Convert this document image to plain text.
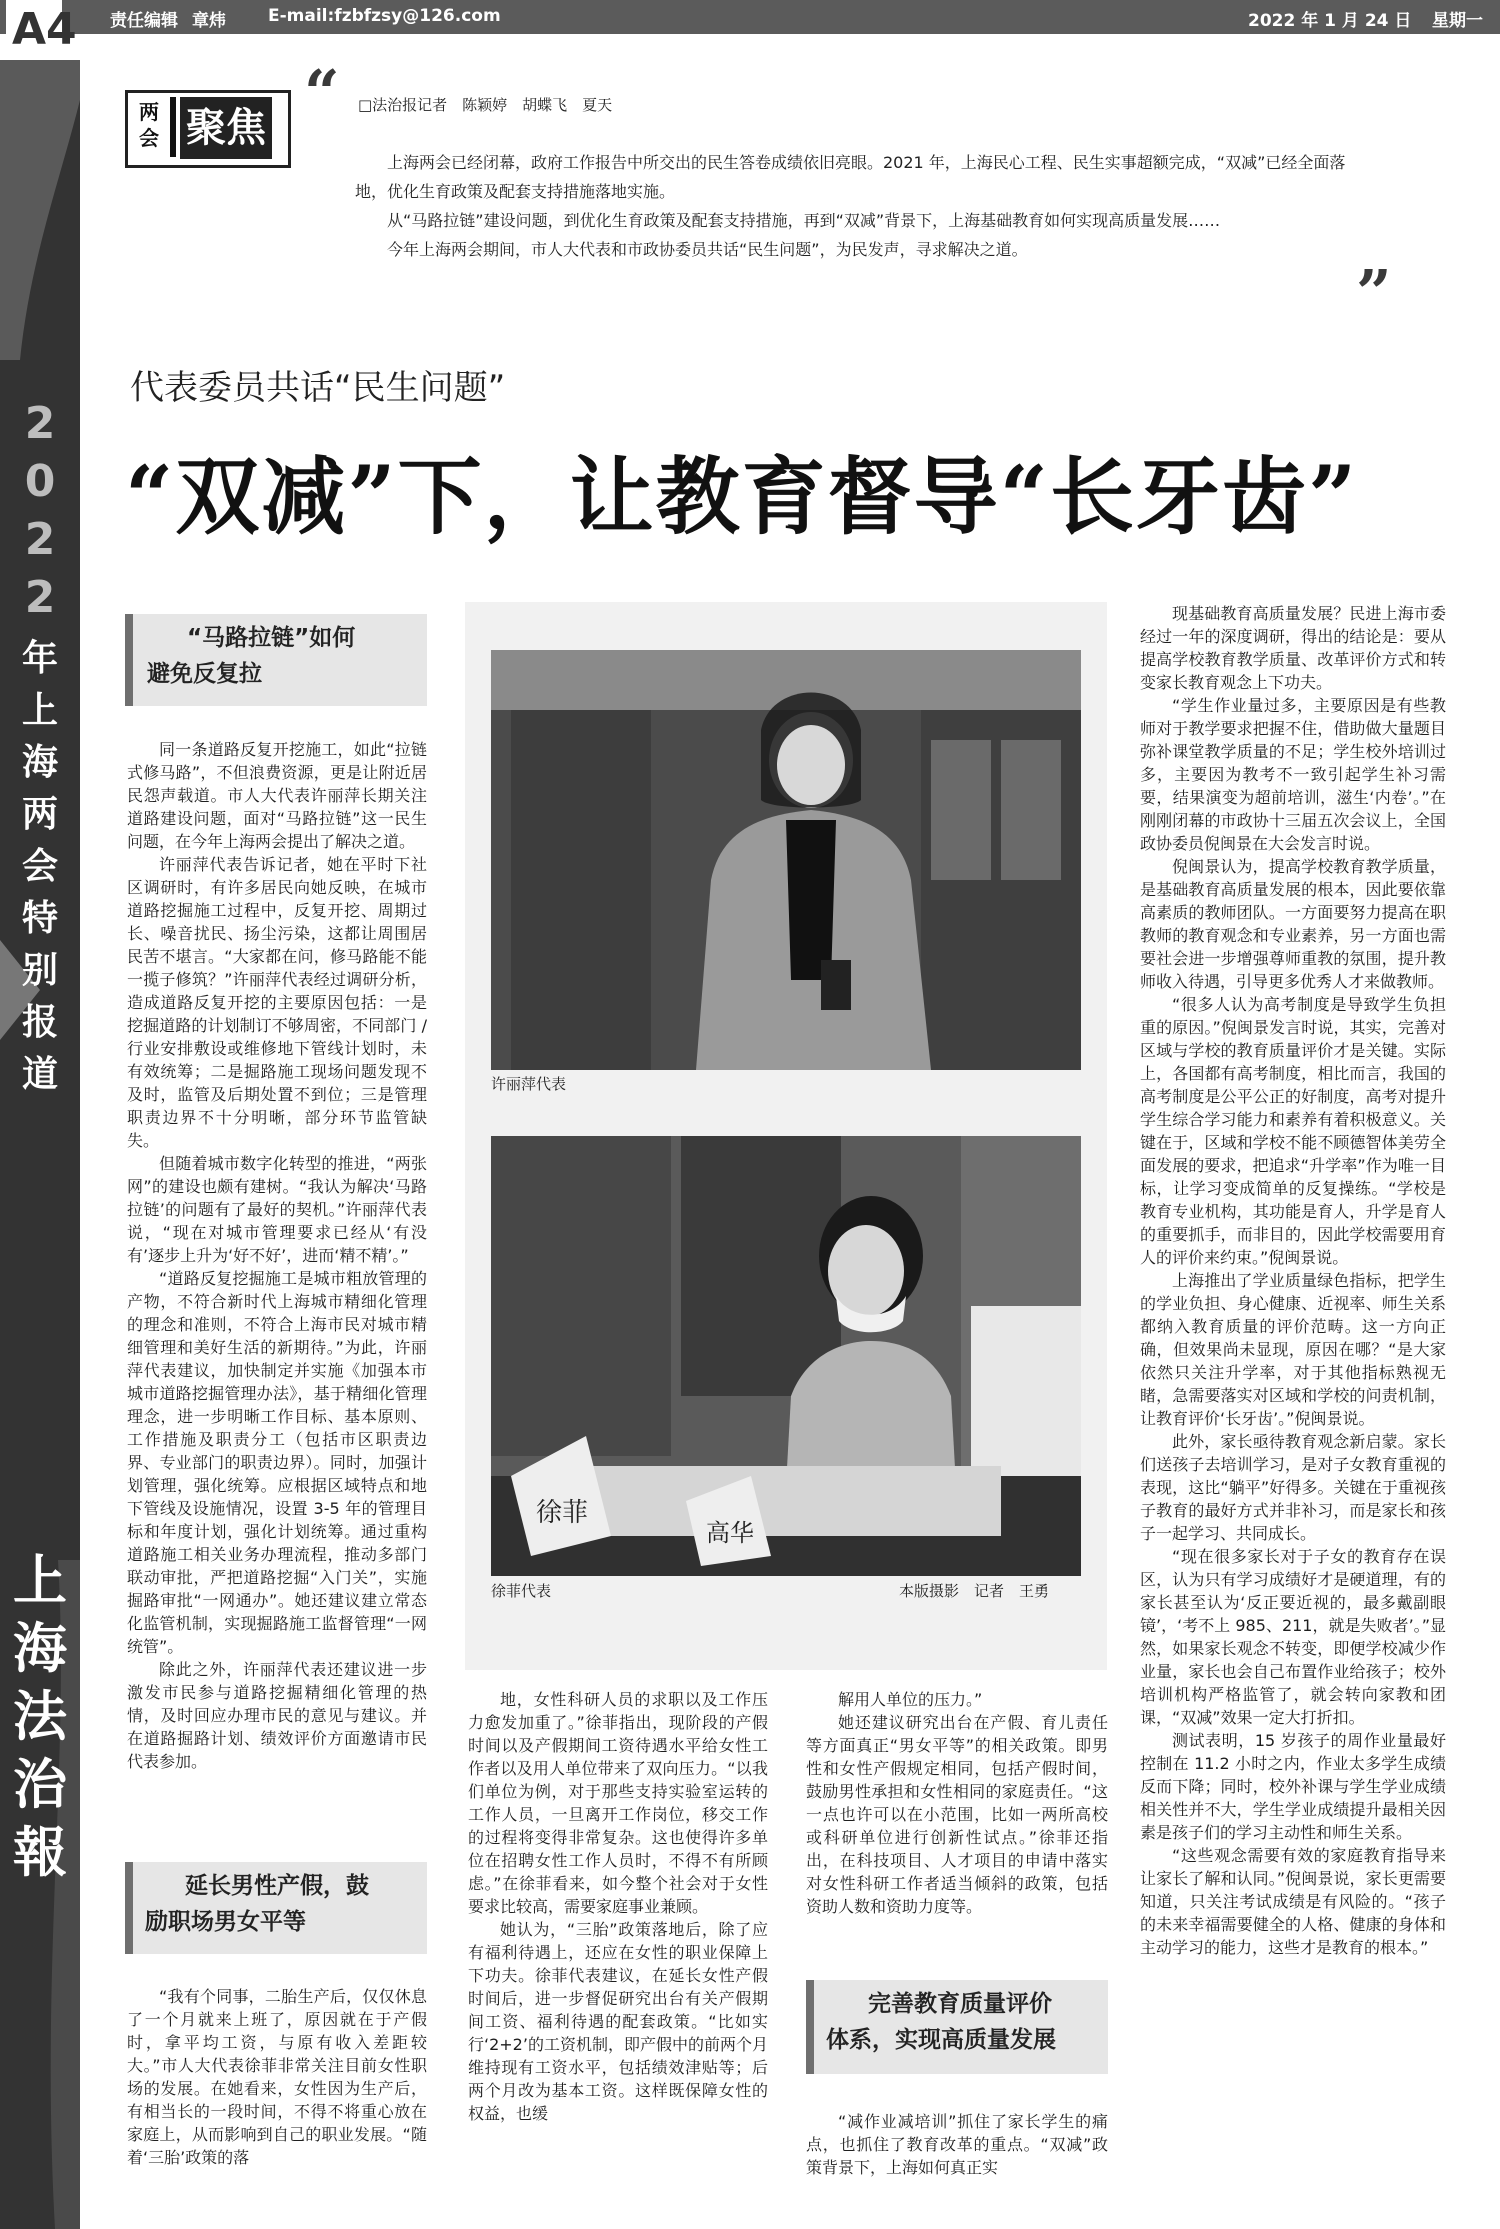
责任编辑 章炜 E-mail:fzbfzsy@126.com	2022 年 1 月 24 日 星期一
A4
2
0
2
2
年
上
海
两
会
特
别
报
道
上
海
法
治
報
两
会 聚焦 “ □法治报记者　陈颖婷　胡蝶飞　夏天

上海两会已经闭幕，政府工作报告中所交出的民生答卷成绩依旧亮眼。2021 年，上海民心工程、民生实事超额完成，“双减”已经全面落地，优化生育政策及配套支持措施落地实施。

从“马路拉链”建设问题，到优化生育政策及配套支持措施，再到“双减”背景下，上海基础教育如何实现高质量发展……

今年上海两会期间，市人大代表和市政协委员共话“民生问题”，为民发声，寻求解决之道。

”
代表委员共话“民生问题”
“双减”下，让教育督导“长牙齿”
“马路拉链”如何
避免反复拉

同一条道路反复开挖施工，如此“拉链式修马路”，不但浪费资源，更是让附近居民怨声载道。市人大代表许丽萍长期关注道路建设问题，面对“马路拉链”这一民生问题，在今年上海两会提出了解决之道。

许丽萍代表告诉记者，她在平时下社区调研时，有许多居民向她反映，在城市道路挖掘施工过程中，反复开挖、周期过长、噪音扰民、扬尘污染，这都让周围居民苦不堪言。“大家都在问，修马路能不能一揽子修筑？”许丽萍代表经过调研分析，造成道路反复开挖的主要原因包括：一是挖掘道路的计划制订不够周密，不同部门 / 行业安排敷设或维修地下管线计划时，未有效统筹；二是掘路施工现场问题发现不及时，监管及后期处置不到位；三是管理职责边界不十分明晰，部分环节监管缺失。

但随着城市数字化转型的推进，“两张网”的建设也颇有建树。“我认为解决‘马路拉链’的问题有了最好的契机。”许丽萍代表说，“现在对城市管理要求已经从‘有没有’逐步上升为‘好不好’，进而‘精不精’。”

“道路反复挖掘施工是城市粗放管理的产物，不符合新时代上海城市精细化管理的理念和准则，不符合上海市民对城市精细管理和美好生活的新期待。”为此，许丽萍代表建议，加快制定并实施《加强本市城市道路挖掘管理办法》，基于精细化管理理念，进一步明晰工作目标、基本原则、工作措施及职责分工（包括市区职责边界、专业部门的职责边界）。同时，加强计划管理，强化统筹。应根据区域特点和地下管线及设施情况，设置 3-5 年的管理目标和年度计划，强化计划统筹。通过重构道路施工相关业务办理流程，推动多部门联动审批，严把道路挖掘“入门关”，实施掘路审批“一网通办”。她还建议建立常态化监管机制，实现掘路施工监督管理“一网统管”。

除此之外，许丽萍代表还建议进一步激发市民参与道路挖掘精细化管理的热情，及时回应办理市民的意见与建议。并在道路掘路计划、绩效评价方面邀请市民代表参加。

延长男性产假，鼓
励职场男女平等

“我有个同事，二胎生产后，仅仅休息了一个月就来上班了，原因就在于产假时，拿平均工资，与原有收入差距较大。”市人大代表徐菲非常关注目前女性职场的发展。在她看来，女性因为生产后，有相当长的一段时间，不得不将重心放在家庭上，从而影响到自己的职业发展。“随着‘三胎’政策的落

许丽萍代表
徐菲
高华
徐菲代表	本版摄影　记者　王勇

地，女性科研人员的求职以及工作压力愈发加重了。”徐菲指出，现阶段的产假时间以及产假期间工资待遇水平给女性工作者以及用人单位带来了双向压力。“以我们单位为例，对于那些支持实验室运转的工作人员，一旦离开工作岗位，移交工作的过程将变得非常复杂。这也使得许多单位在招聘女性工作人员时，不得不有所顾虑。”在徐菲看来，如今整个社会对于女性要求比较高，需要家庭事业兼顾。

她认为，“三胎”政策落地后，除了应有福利待遇上，还应在女性的职业保障上下功夫。徐菲代表建议，在延长女性产假时间后，进一步督促研究出台有关产假期间工资、福利待遇的配套政策。“比如实行‘2+2’的工资机制，即产假中的前两个月维持现有工资水平，包括绩效津贴等；后两个月改为基本工资。这样既保障女性的权益，也缓

解用人单位的压力。”

她还建议研究出台在产假、育儿责任等方面真正“男女平等”的相关政策。即男性和女性产假规定相同，包括产假时间，鼓励男性承担和女性相同的家庭责任。“这一点也许可以在小范围，比如一两所高校或科研单位进行创新性试点。”徐菲还指出，在科技项目、人才项目的申请中落实对女性科研工作者适当倾斜的政策，包括资助人数和资助力度等。

完善教育质量评价
体系，实现高质量发展

“减作业减培训”抓住了家长学生的痛点，也抓住了教育改革的重点。“双减”政策背景下，上海如何真正实

现基础教育高质量发展？民进上海市委经过一年的深度调研，得出的结论是：要从提高学校教育教学质量、改革评价方式和转变家长教育观念上下功夫。

“学生作业量过多，主要原因是有些教师对于教学要求把握不住，借助做大量题目弥补课堂教学质量的不足；学生校外培训过多，主要因为教考不一致引起学生补习需要，结果演变为超前培训，滋生‘内卷’。”在刚刚闭幕的市政协十三届五次会议上，全国政协委员倪闽景在大会发言时说。

倪闽景认为，提高学校教育教学质量，是基础教育高质量发展的根本，因此要依靠高素质的教师团队。一方面要努力提高在职教师的教育观念和专业素养，另一方面也需要社会进一步增强尊师重教的氛围，提升教师收入待遇，引导更多优秀人才来做教师。

“很多人认为高考制度是导致学生负担重的原因。”倪闽景发言时说，其实，完善对区域与学校的教育质量评价才是关键。实际上，各国都有高考制度，相比而言，我国的高考制度是公平公正的好制度，高考对提升学生综合学习能力和素养有着积极意义。关键在于，区域和学校不能不顾德智体美劳全面发展的要求，把追求“升学率”作为唯一目标，让学习变成简单的反复操练。“学校是教育专业机构，其功能是育人，升学是育人的重要抓手，而非目的，因此学校需要用育人的评价来约束。”倪闽景说。

上海推出了学业质量绿色指标，把学生的学业负担、身心健康、近视率、师生关系都纳入教育质量的评价范畴。这一方向正确，但效果尚未显现，原因在哪？“是大家依然只关注升学率，对于其他指标熟视无睹，急需要落实对区域和学校的问责机制，让教育评价‘长牙齿’。”倪闽景说。

此外，家长亟待教育观念新启蒙。家长们送孩子去培训学习，是对子女教育重视的表现，这比“躺平”好得多。关键在于重视孩子教育的最好方式并非补习，而是家长和孩子一起学习、共同成长。

“现在很多家长对于子女的教育存在误区，认为只有学习成绩好才是硬道理，有的家长甚至认为‘反正要近视的，最多戴副眼镜’，‘考不上 985、211，就是失败者’。”显然，如果家长观念不转变，即便学校减少作业量，家长也会自己布置作业给孩子；校外培训机构严格监管了，就会转向家教和团课，“双减”效果一定大打折扣。

测试表明，15 岁孩子的周作业量最好控制在 11.2 小时之内，作业太多学生成绩反而下降；同时，校外补课与学生学业成绩相关性并不大，学生学业成绩提升最相关因素是孩子们的学习主动性和师生关系。

“这些观念需要有效的家庭教育指导来让家长了解和认同。”倪闽景说，家长更需要知道，只关注考试成绩是有风险的。“孩子的未来幸福需要健全的人格、健康的身体和主动学习的能力，这些才是教育的根本。”
